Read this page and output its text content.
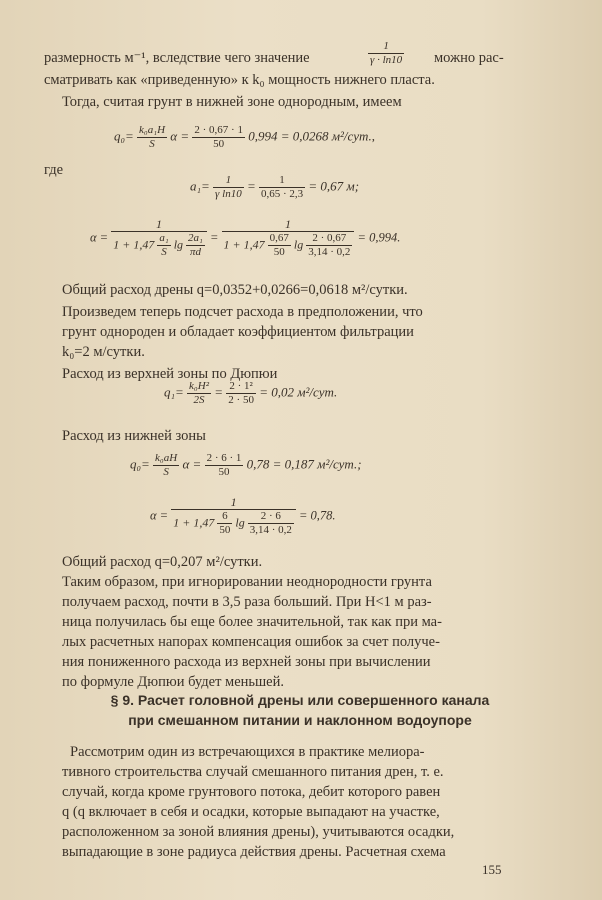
размерность м⁻¹, вследствие чего значение	$\frac{1}{\gamma \cdot \ln 10}$ можно рас-
сматривать как «приведенную» к k₀ мощность нижнего пласта.
Тогда, считая грунт в нижней зоне однородным, имеем
$q_0= \frac{\text{k₀a₁H}}{S}$ $\alpha = \frac{2 \cdot 0,67 \cdot 1}{50} 0,994 = 0,0268$ м²/сут.,
где
$a_1= \frac{1}{\text{γ ln10}} = \frac{1}{0,65 \cdot 2,3} = 0,67$ м;
$\alpha = \frac{1}{1 + 1,47 \frac{\text{a₁}}{S} \lg \frac{\text{2a₁}}{\pi d}}$ =
1
$1 + 1,47 \frac{0,67}{50}$ $\lg \frac{2 \cdot 0,67}{3,14 \cdot 0,2} = 0,994$.
Общий расход дрены q=0,0352+0,0266=0,0618 м²/сутки.
Произведем теперь подсчет расхода в предположении, что
грунт однороден и обладает коэффициентом фильтрации
k₀=2 м/сутки.
Расход из верхней зоны по Дюпюи
$q_1= \frac{\text{k₀H²}}{2S} = \frac{\text{2 · 1²}}{2 \cdot 50} = 0,02$ м²/сут.
Расход из нижней зоны
$q_0= \frac{\text{k₀aH}}{S}$ $\alpha = \frac{2 \cdot 6 \cdot 1}{50} 0,78 = 0,187$ м²/сут.;
$\alpha = \frac{1}{1 + 1,47 \frac{6}{50} \lg \frac{2 \cdot 6}{3,14 \cdot 0,2}} = 0,78$.
Общий расход q=0,207 м²/сутки.
Таким образом, при игнорировании неоднородности грунта
получаем расход, почти в 3,5 раза больший. При H<1 м раз-
ница получилась бы еще более значительной, так как при ма-
лых расчетных напорах компенсация ошибок за счет получе-
ния пониженного расхода из верхней зоны при вычислении
по формуле Дюпюи будет меньшей.
§ 9. Расчет головной дрены или совершенного канала
при смешанном питании и наклонном водоупоре
Рассмотрим один из встречающихся в практике мелиора-
тивного строительства случай смешанного питания дрен, т. е.
случай, когда кроме грунтового потока, дебит которого равен
q (q включает в себя и осадки, которые выпадают на участке,
расположенном за зоной влияния дрены), учитываются осадки,
выпадающие в зоне радиуса действия дрены. Расчетная схема
155
